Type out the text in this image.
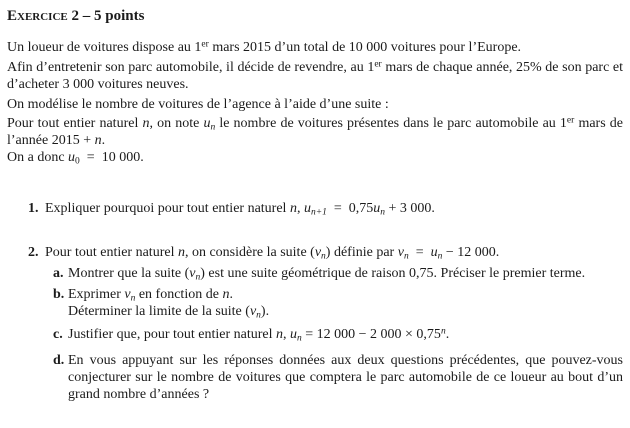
Exercice 2 – 5 points

Un loueur de voitures dispose au 1er mars 2015 d’un total de 10 000 voitures pour l’Europe.

Afin d’entretenir son parc automobile, il décide de revendre, au 1er mars de chaque année, 25% de son parc et d’acheter 3 000 voitures neuves.

On modélise le nombre de voitures de l’agence à l’aide d’une suite :

Pour tout entier naturel n, on note un le nombre de voitures présentes dans le parc automobile au 1er mars de l’année 2015 + n.

On a donc u0  =  10 000.

1. Expliquer pourquoi pour tout entier naturel n, un+1  =  0,75un + 3 000.

2. Pour tout entier naturel n, on considère la suite (vn) définie par vn  =  un − 12 000.

a. Montrer que la suite (vn) est une suite géométrique de raison 0,75. Préciser le premier terme.

b. Exprimer vn en fonction de n.
Déterminer la limite de la suite (vn).

c. Justifier que, pour tout entier naturel n, un = 12 000 − 2 $000 \times 0,75^n$.

d. En vous appuyant sur les réponses données aux deux questions précédentes, que pouvez-vous conjecturer sur le nombre de voitures que comptera le parc automobile de ce loueur au bout d’un grand nombre d’années ?
